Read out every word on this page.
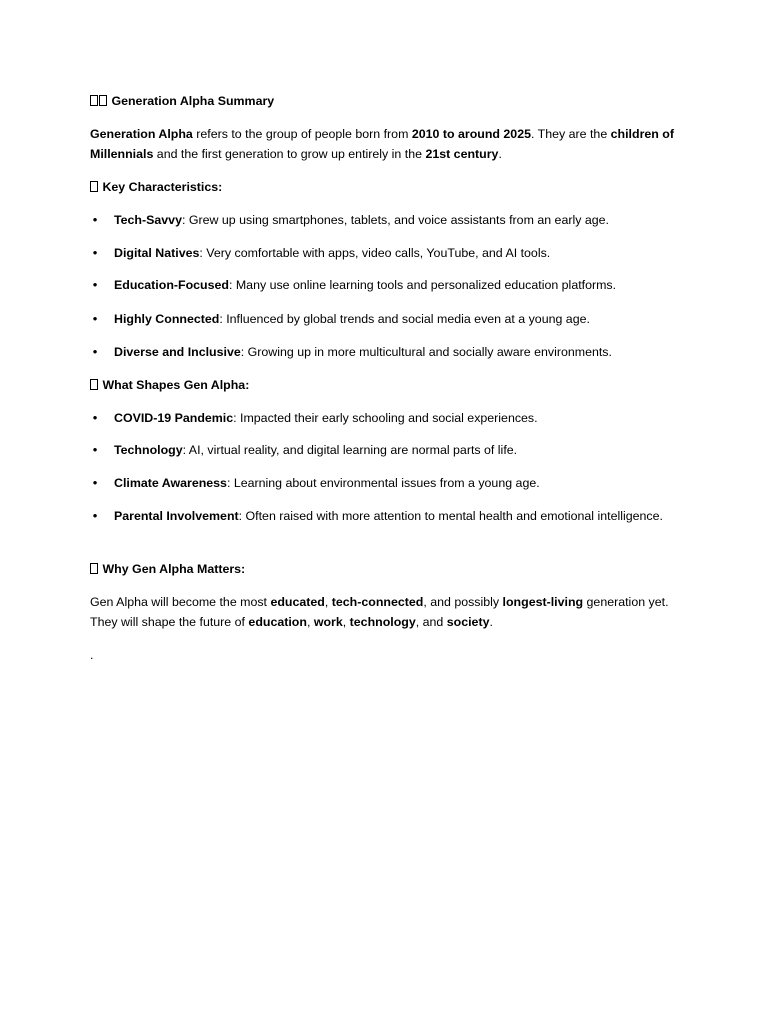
Generation Alpha Summary
Generation Alpha refers to the group of people born from 2010 to around 2025. They are the children of Millennials and the first generation to grow up entirely in the 21st century.
Key Characteristics:
• Tech-Savvy: Grew up using smartphones, tablets, and voice assistants from an early age.
• Digital Natives: Very comfortable with apps, video calls, YouTube, and AI tools.
• Education-Focused: Many use online learning tools and personalized education platforms.
• Highly Connected: Influenced by global trends and social media even at a young age.
• Diverse and Inclusive: Growing up in more multicultural and socially aware environments.
What Shapes Gen Alpha:
• COVID-19 Pandemic: Impacted their early schooling and social experiences.
• Technology: AI, virtual reality, and digital learning are normal parts of life.
• Climate Awareness: Learning about environmental issues from a young age.
• Parental Involvement: Often raised with more attention to mental health and emotional intelligence.
Why Gen Alpha Matters:
Gen Alpha will become the most educated, tech-connected, and possibly longest-living generation yet. They will shape the future of education, work, technology, and society.
.
